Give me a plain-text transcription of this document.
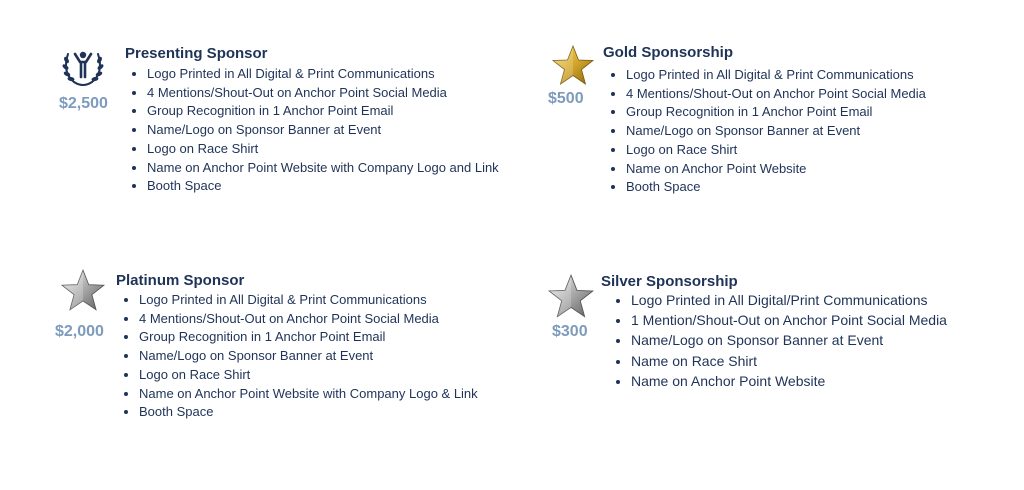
$2,500
Presenting Sponsor
• Logo Printed in All Digital & Print Communications
• 4 Mentions/Shout-Out on Anchor Point Social Media
• Group Recognition in 1 Anchor Point Email
• Name/Logo on Sponsor Banner at Event
• Logo on Race Shirt
• Name on Anchor Point Website with Company Logo and Link
• Booth Space
$500
Gold Sponsorship
• Logo Printed in All Digital & Print Communications
• 4 Mentions/Shout-Out on Anchor Point Social Media
• Group Recognition in 1 Anchor Point Email
• Name/Logo on Sponsor Banner at Event
• Logo on Race Shirt
• Name on Anchor Point Website
• Booth Space
$2,000
Platinum Sponsor
• Logo Printed in All Digital & Print Communications
• 4 Mentions/Shout-Out on Anchor Point Social Media
• Group Recognition in 1 Anchor Point Email
• Name/Logo on Sponsor Banner at Event
• Logo on Race Shirt
• Name on Anchor Point Website with Company Logo & Link
• Booth Space
$300
Silver Sponsorship
• Logo Printed in All Digital/Print Communications
• 1 Mention/Shout-Out on Anchor Point Social Media
• Name/Logo on Sponsor Banner at Event
• Name on Race Shirt
• Name on Anchor Point Website
